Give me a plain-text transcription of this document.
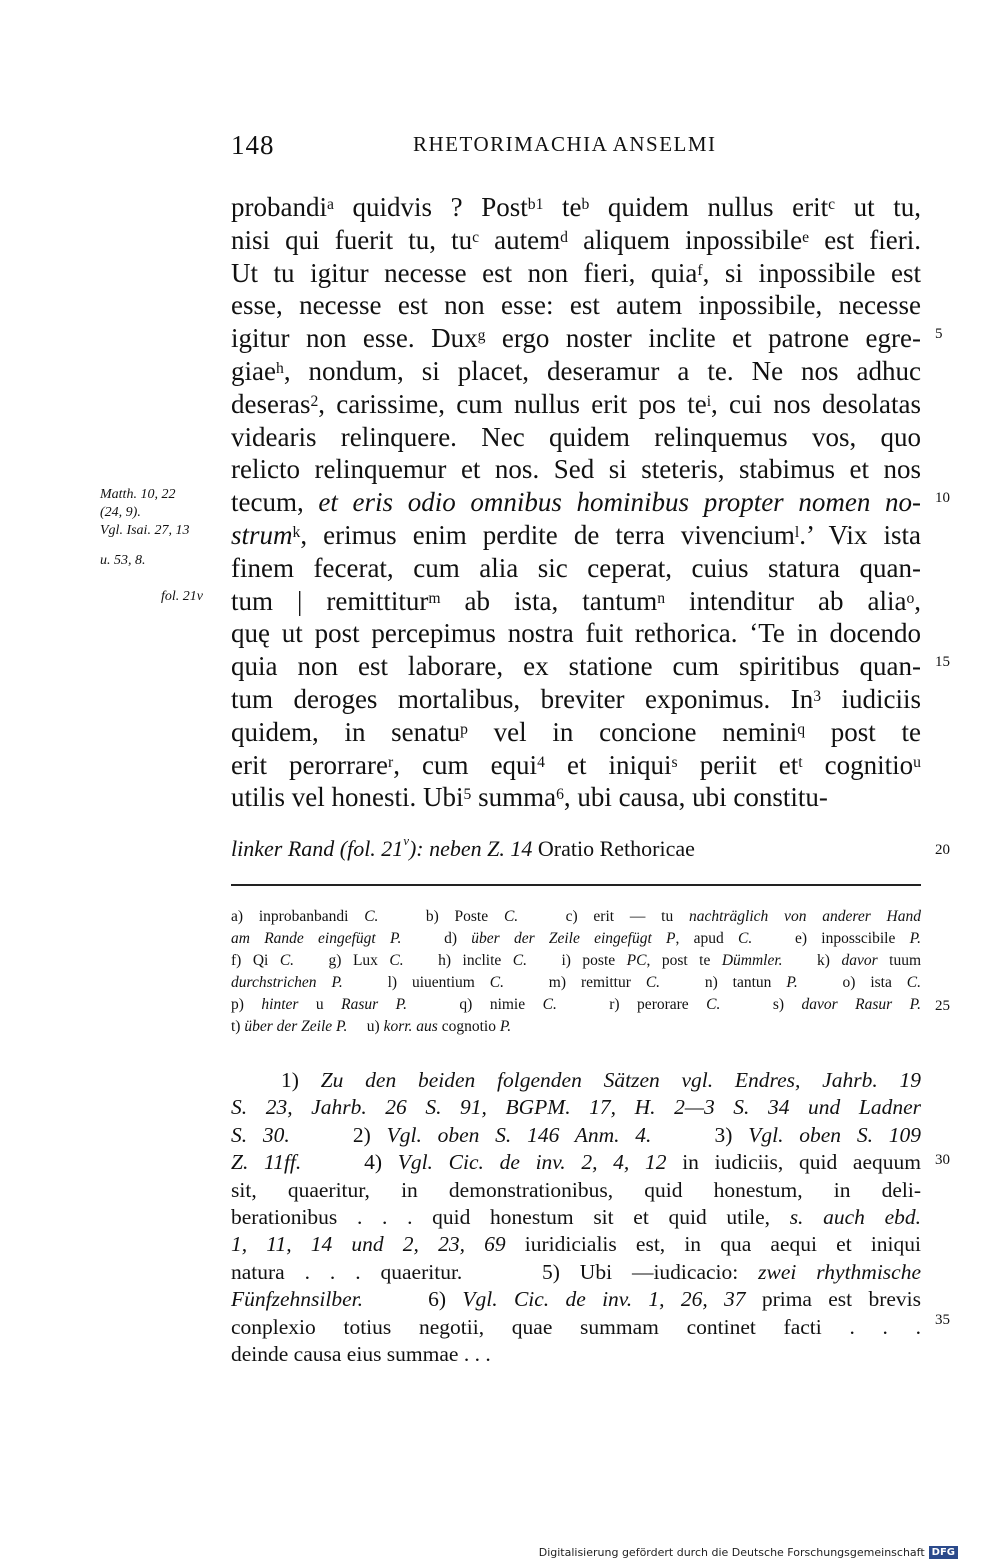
148	RHETORIMACHIA ANSELMI
probandi$^a$ quidvis ? Post$^{b1}$ $te^b$ quidem nullus erit$^c$ ut tu,
nisi qui fuerit tu, $tu^c$ autem$^d$ aliquem inpossibile$^e$ est fieri.
Ut tu igitur necesse est non fieri, quia$^f$, si inpossibile est
esse, necesse est non esse: est autem inpossibile, necesse
igitur non esse. Dux$^g$ ergo noster inclite et patrone egre-
giae$^h$, nondum, si placet, deseramur a te. Ne nos adhuc
deseras$^2$, carissime, cum nullus erit pos $te^i$, cui nos desolatas
videaris relinquere. Nec quidem relinquemus vos, quo
relicto relinquemur et nos. Sed si steteris, stabimus et nos
tecum, et eris odio omnibus hominibus propter nomen no-
strum$^k$, erimus enim perdite de terra vivencium$^l$.’ Vix ista
finem fecerat, cum alia sic ceperat, cuius statura quan-
tum | remittitur$^m$ ab ista, tantum$^n$ intenditur ab alia$^o$,
quę ut post percepimus nostra fuit rethorica. ‘Te in docendo
quia non est laborare, ex statione cum spiritibus quan-
tum deroges mortalibus, breviter exponimus. In$^3$ iudiciis
quidem, in senatu$^p$ vel in concione nemini$^q$ post te
erit perorrare$^r$, cum equi$^4$ et iniqui$^s$ periit $et^t$ cognitio$^u$
utilis vel honesti. Ubi$^5$ summa$^6$, ubi causa, ubi constitu-
5
10
15
20
25
30
35
Matth. 10, 22
(24, 9).
Vgl. Isai. 27, 13
u. 53, 8.
fol. 21v
linker Rand (fol. 21$^v$): neben Z. 14 Oratio Rethoricae
a) inprobanbandi C.   b) Poste C.   c) erit — tu nachträglich von anderer Hand
am Rande eingefügt P.   d) über der Zeile eingefügt P, apud C.   e) inposscibile P.
f) Qi C.   g) Lux C.   h) inclite C.   i) poste PC, post te Dümmler.   k) davor tuum
durchstrichen P.   l) uiuentium C.   m) remittur C.   n) tantun P.   o) ista C.
p) hinter u Rasur P.   q) nimie C.   r) perorare C.   s) davor Rasur P.
t) über der Zeile P.     u) korr. aus cognotio P.
1) Zu den beiden folgenden Sätzen vgl. Endres, Jahrb. 19
S. 23, Jahrb. 26 S. 91, BGPM. 17, H. 2—3 S. 34 und Ladner
S. 30.    2) Vgl. oben S. 146 Anm. 4.    3) Vgl. oben S. 109
Z. 11ff.    4) Vgl. Cic. de inv. 2, 4, 12 in iudiciis, quid aequum
sit, quaeritur, in demonstrationibus, quid honestum, in deli-
berationibus . . . quid honestum sit et quid utile, s. auch ebd.
1, 11, 14 und 2, 23, 69 iuridicialis est, in qua aequi et iniqui
natura . . . quaeritur.    5) Ubi —iudicacio: zwei rhythmische
Fünfzehnsilber.    6) Vgl. Cic. de inv. 1, 26, 37 prima est brevis
conplexio totius negotii, quae summam continet facti . . .
deinde causa eius summae . . .
Digitalisierung gefördert durch die Deutsche Forschungsgemeinschaft DFG
